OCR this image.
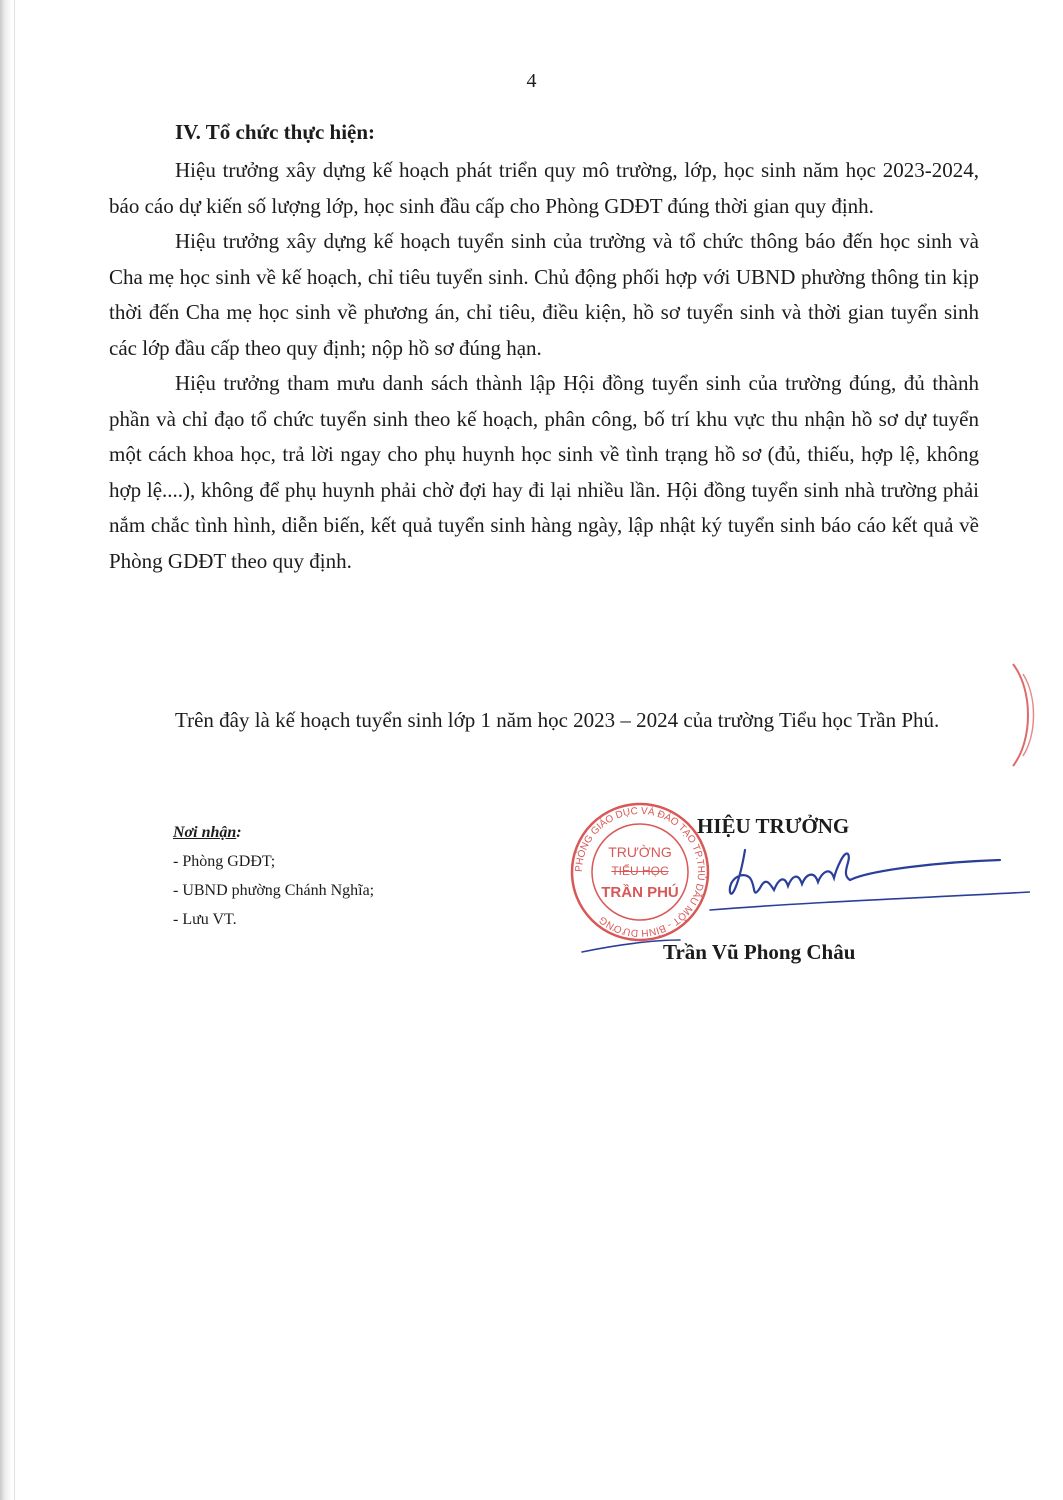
4
IV. Tổ chức thực hiện:

Hiệu trưởng xây dựng kế hoạch phát triển quy mô trường, lớp, học sinh năm học 2023-2024, báo cáo dự kiến số lượng lớp, học sinh đầu cấp cho Phòng GDĐT đúng thời gian quy định.

Hiệu trưởng xây dựng kế hoạch tuyển sinh của trường và tổ chức thông báo đến học sinh và Cha mẹ học sinh về kế hoạch, chỉ tiêu tuyển sinh. Chủ động phối hợp với UBND phường thông tin kịp thời đến Cha mẹ học sinh về phương án, chỉ tiêu, điều kiện, hồ sơ tuyển sinh và thời gian tuyển sinh các lớp đầu cấp theo quy định; nộp hồ sơ đúng hạn.

Hiệu trưởng tham mưu danh sách thành lập Hội đồng tuyển sinh của trường đúng, đủ thành phần và chỉ đạo tổ chức tuyển sinh theo kế hoạch, phân công, bố trí khu vực thu nhận hồ sơ dự tuyển một cách khoa học, trả lời ngay cho phụ huynh học sinh về tình trạng hồ sơ (đủ, thiếu, hợp lệ, không hợp lệ....), không để phụ huynh phải chờ đợi hay đi lại nhiều lần. Hội đồng tuyển sinh nhà trường phải nắm chắc tình hình, diễn biến, kết quả tuyển sinh hàng ngày, lập nhật ký tuyển sinh báo cáo kết quả về Phòng GDĐT theo quy định.

Trên đây là kế hoạch tuyển sinh lớp 1 năm học 2023 – 2024 của trường Tiểu học Trần Phú.

Nơi nhận:
- Phòng GDĐT;
- UBND phường Chánh Nghĩa;
- Lưu VT.
PHÒNG GIÁO DỤC VÀ ĐÀO TẠO TP.THỦ DẦU MỘT - BÌNH DƯƠNG
TRƯỜNG
TIỂU HỌC
TRẦN PHÚ
HIỆU TRƯỞNG
Trần Vũ Phong Châu
